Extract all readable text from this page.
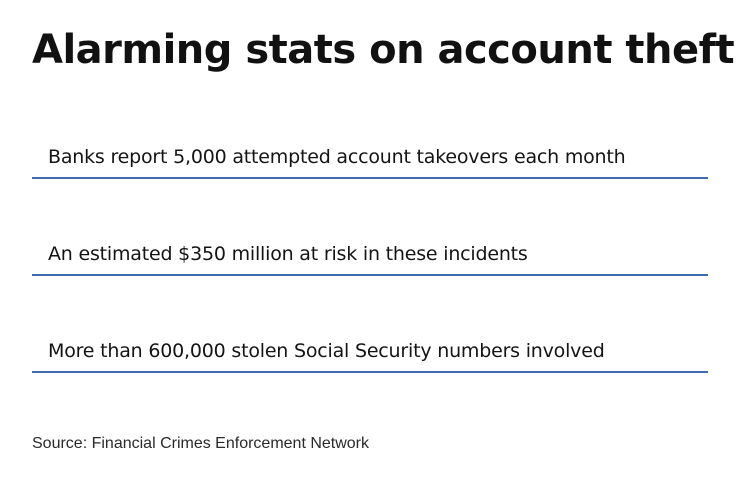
Alarming stats on account theft
Banks report 5,000 attempted account takeovers each month
An estimated $350 million at risk in these incidents
More than 600,000 stolen Social Security numbers involved
Source: Financial Crimes Enforcement Network
